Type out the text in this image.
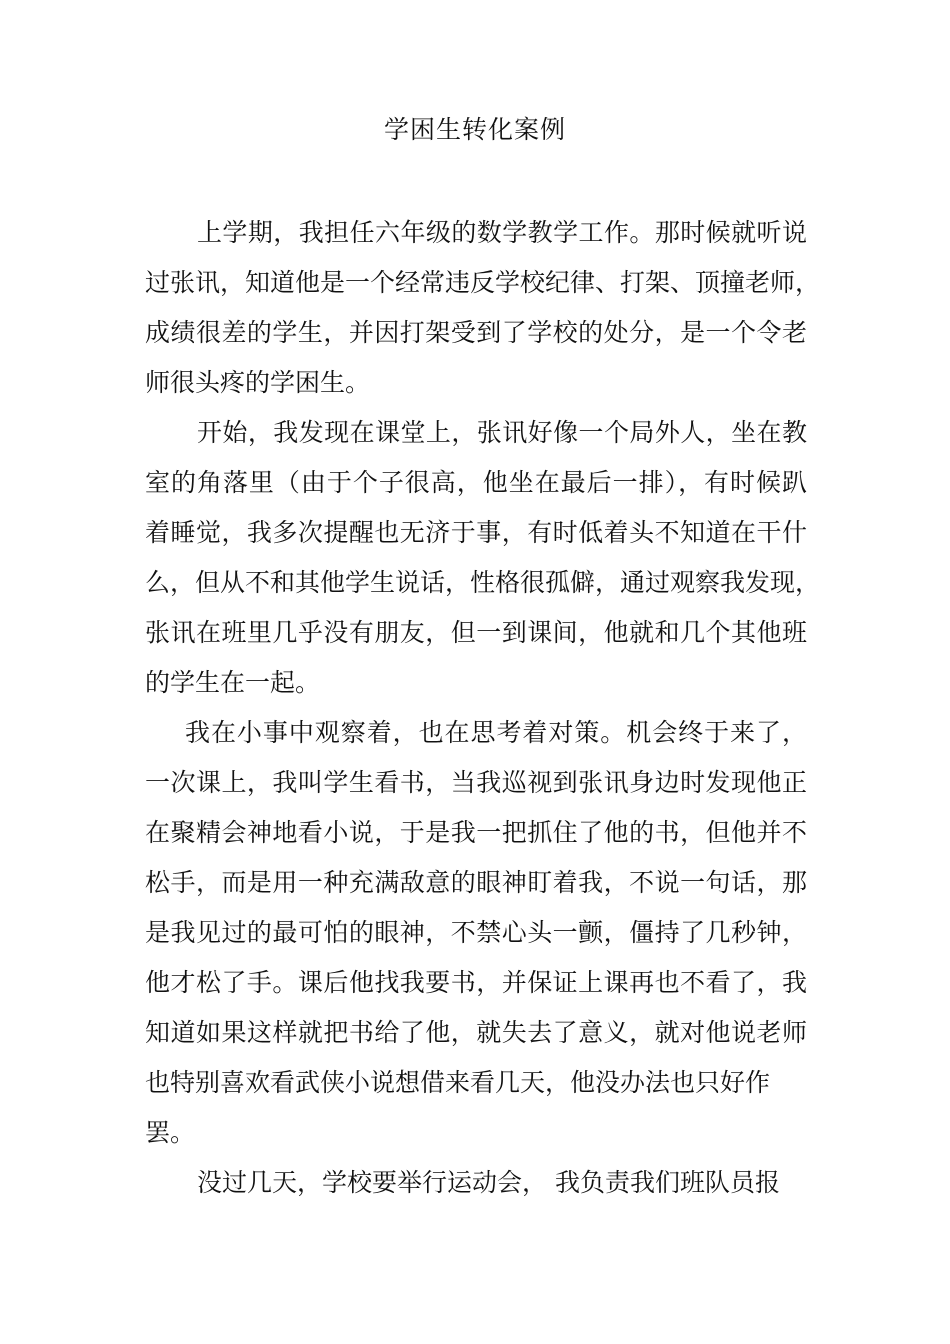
学困生转化案例
上学期，我担任六年级的数学教学工作。那时候就听说
过张讯，知道他是一个经常违反学校纪律、打架、顶撞老师，
成绩很差的学生，并因打架受到了学校的处分，是一个令老
师很头疼的学困生。
开始，我发现在课堂上，张讯好像一个局外人，坐在教
室的角落里（由于个子很高，他坐在最后一排），有时候趴
着睡觉，我多次提醒也无济于事，有时低着头不知道在干什
么，但从不和其他学生说话，性格很孤僻，通过观察我发现，
张讯在班里几乎没有朋友，但一到课间，他就和几个其他班
的学生在一起。
我在小事中观察着，也在思考着对策。机会终于来了，
一次课上，我叫学生看书，当我巡视到张讯身边时发现他正
在聚精会神地看小说，于是我一把抓住了他的书，但他并不
松手，而是用一种充满敌意的眼神盯着我，不说一句话，那
是我见过的最可怕的眼神，不禁心头一颤，僵持了几秒钟，
他才松了手。课后他找我要书，并保证上课再也不看了，我
知道如果这样就把书给了他，就失去了意义，就对他说老师
也特别喜欢看武侠小说想借来看几天，他没办法也只好作
罢。
没过几天，学校要举行运动会， 我负责我们班队员报
